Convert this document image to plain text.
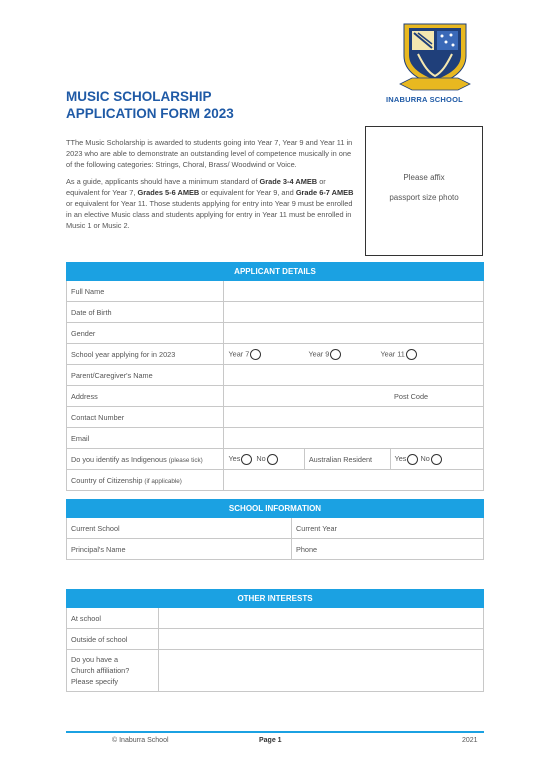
MUSIC SCHOLARSHIP
APPLICATION FORM 2023
INABURRA SCHOOL

TThe Music Scholarship is awarded to students going into Year 7, Year 9 and Year 11 in 2023 who are able to demonstrate an outstanding level of competence musically in one of the following categories: Strings, Choral, Brass/ Woodwind or Voice.

As a guide, applicants should have a minimum standard of Grade 3-4 AMEB or equivalent for Year 7, Grades 5-6 AMEB or equivalent for Year 9, and Grade 6-7 AMEB or equivalent for Year 11. Those students applying for entry into Year 9 must be enrolled in an elective Music class and students applying for entry in Year 11 must be enrolled in Music 1 or Music 2.

Please affix
passport size photo
APPLICANT DETAILS			
Full Name			
Date of Birth			
Gender			
School year applying for in 2023	Year 7 Year 9 Year 11		
Parent/Caregiver's Name			
Address			Post Code
Contact Number			
Email			
Do you identify as Indigenous (please tick)	Yes No	Australian Resident	Yes No
Country of Citizenship (if applicable)			
SCHOOL INFORMATION			
Current School		Current Year	
Principal's Name		Phone	
OTHER INTERESTS	
At school	
Outside of school	

Do you have a
Church affiliation?
Please specify	

© Inaburra School	Page 1	2021
